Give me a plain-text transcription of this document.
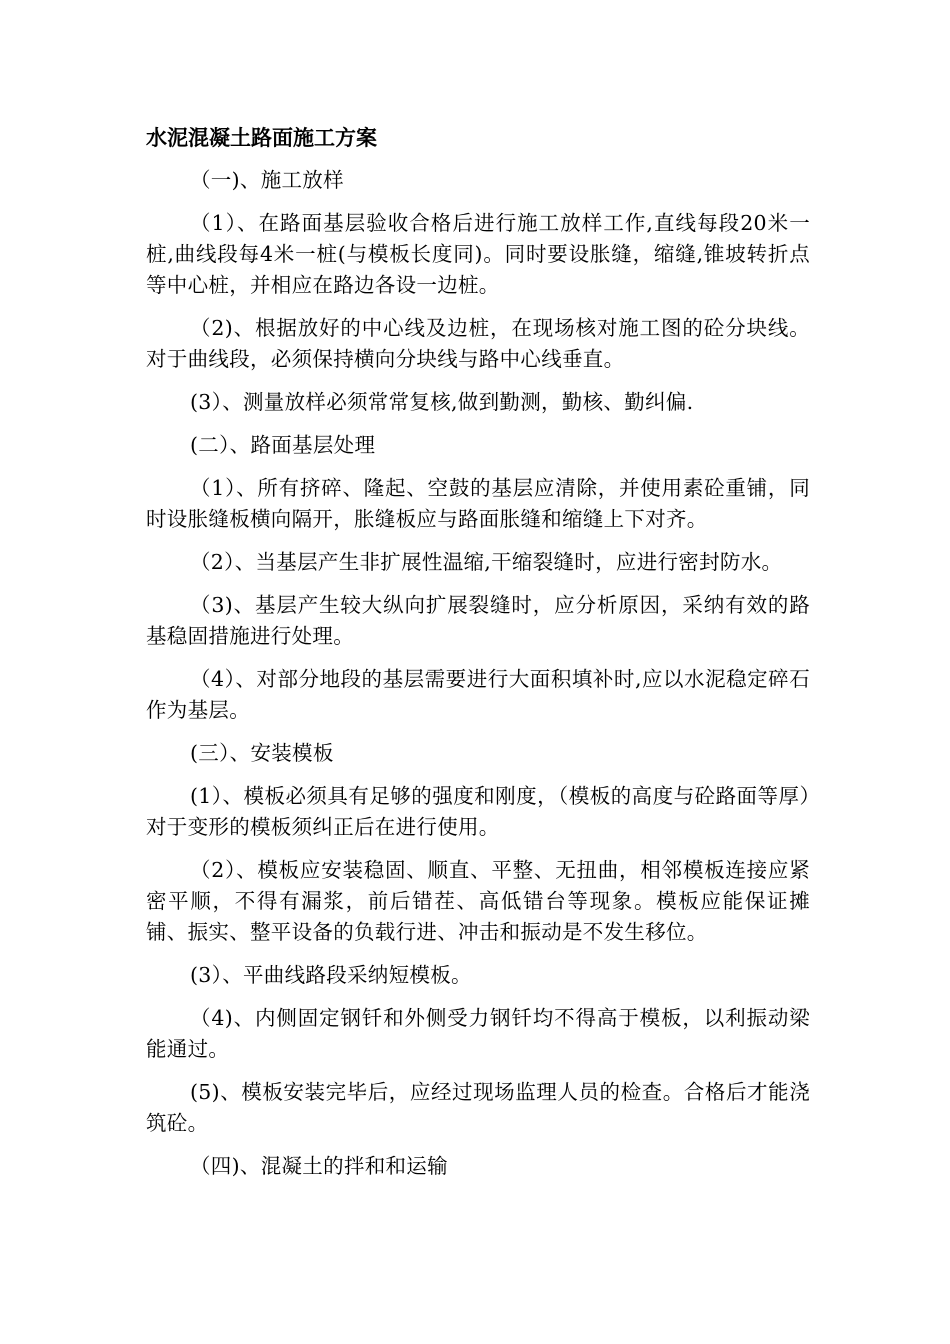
水泥混凝土路面施工方案

（一)、施工放样

（1）、在路面基层验收合格后进行施工放样工作,直线每段20米一桩,曲线段每4米一桩(与模板长度同)。同时要设胀缝，缩缝,锥坡转折点等中心桩，并相应在路边各设一边桩。

（2)、根据放好的中心线及边桩，在现场核对施工图的砼分块线。对于曲线段，必须保持横向分块线与路中心线垂直。

(3）、测量放样必须常常复核,做到勤测，勤核、勤纠偏.

(二）、路面基层处理

（1）、所有挤碎、隆起、空鼓的基层应清除，并使用素砼重铺，同时设胀缝板横向隔开，胀缝板应与路面胀缝和缩缝上下对齐。

（2）、当基层产生非扩展性温缩,干缩裂缝时，应进行密封防水。

（3)、基层产生较大纵向扩展裂缝时，应分析原因，采纳有效的路基稳固措施进行处理。

（4）、对部分地段的基层需要进行大面积填补时,应以水泥稳定碎石作为基层。

(三）、安装模板

(1）、模板必须具有足够的强度和刚度，（模板的高度与砼路面等厚）对于变形的模板须纠正后在进行使用。

（2）、模板应安装稳固、顺直、平整、无扭曲，相邻模板连接应紧密平顺，不得有漏浆，前后错茬、高低错台等现象。模板应能保证摊铺、振实、整平设备的负载行进、冲击和振动是不发生移位。

(3）、平曲线路段采纳短模板。

（4)、内侧固定钢钎和外侧受力钢钎均不得高于模板，以利振动梁能通过。

(5)、模板安装完毕后，应经过现场监理人员的检查。合格后才能浇筑砼。

（四)、混凝土的拌和和运输
